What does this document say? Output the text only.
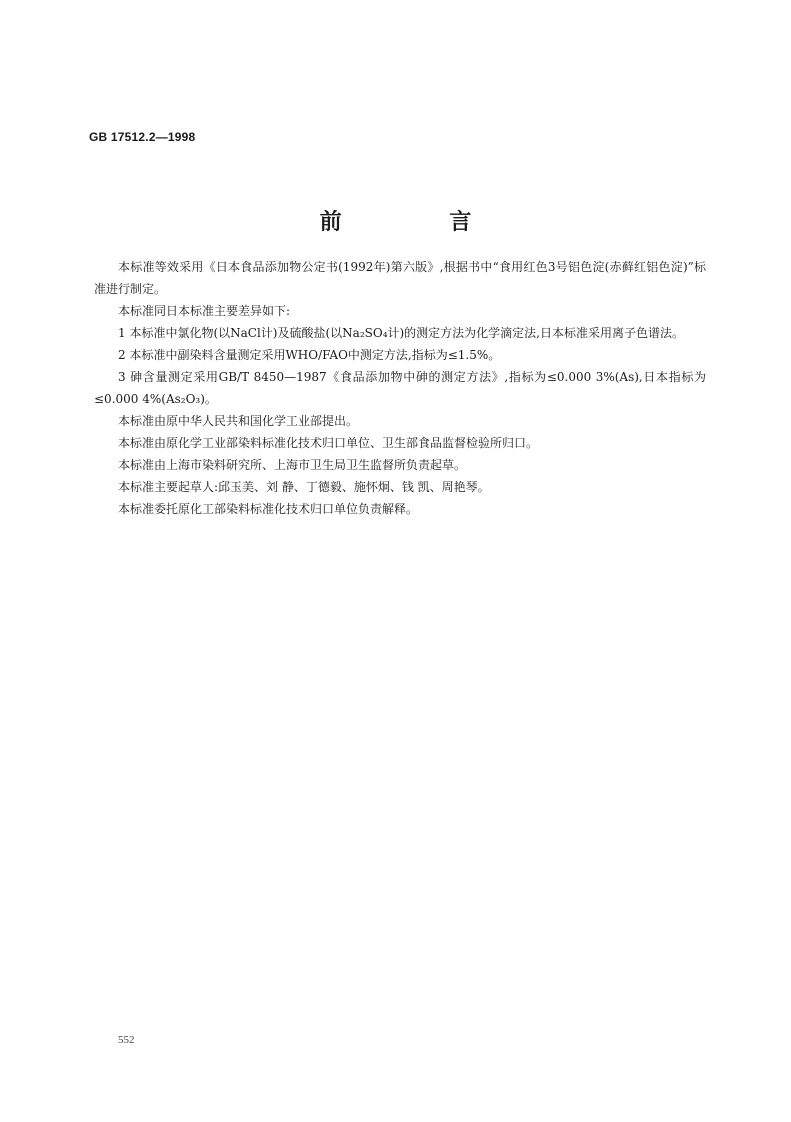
GB 17512.2—1998
前 言

本标准等效采用《日本食品添加物公定书(1992年)第六版》,根据书中“食用红色3号铝色淀(赤藓红铝色淀)”标准进行制定。

本标准同日本标准主要差异如下:

1 本标准中氯化物(以NaCl计)及硫酸盐(以Na₂SO₄计)的测定方法为化学滴定法,日本标准采用离子色谱法。

2 本标准中副染料含量测定采用WHO/FAO中测定方法,指标为≤1.5%。

3 砷含量测定采用GB/T 8450—1987《食品添加物中砷的测定方法》,指标为≤0.000 3%(As),日本指标为≤0.000 4%(As₂O₃)。

本标准由原中华人民共和国化学工业部提出。

本标准由原化学工业部染料标准化技术归口单位、卫生部食品监督检验所归口。

本标准由上海市染料研究所、上海市卫生局卫生监督所负责起草。

本标准主要起草人:邱玉美、刘 静、丁德毅、施怀炯、钱 凯、周艳琴。

本标准委托原化工部染料标准化技术归口单位负责解释。

552
